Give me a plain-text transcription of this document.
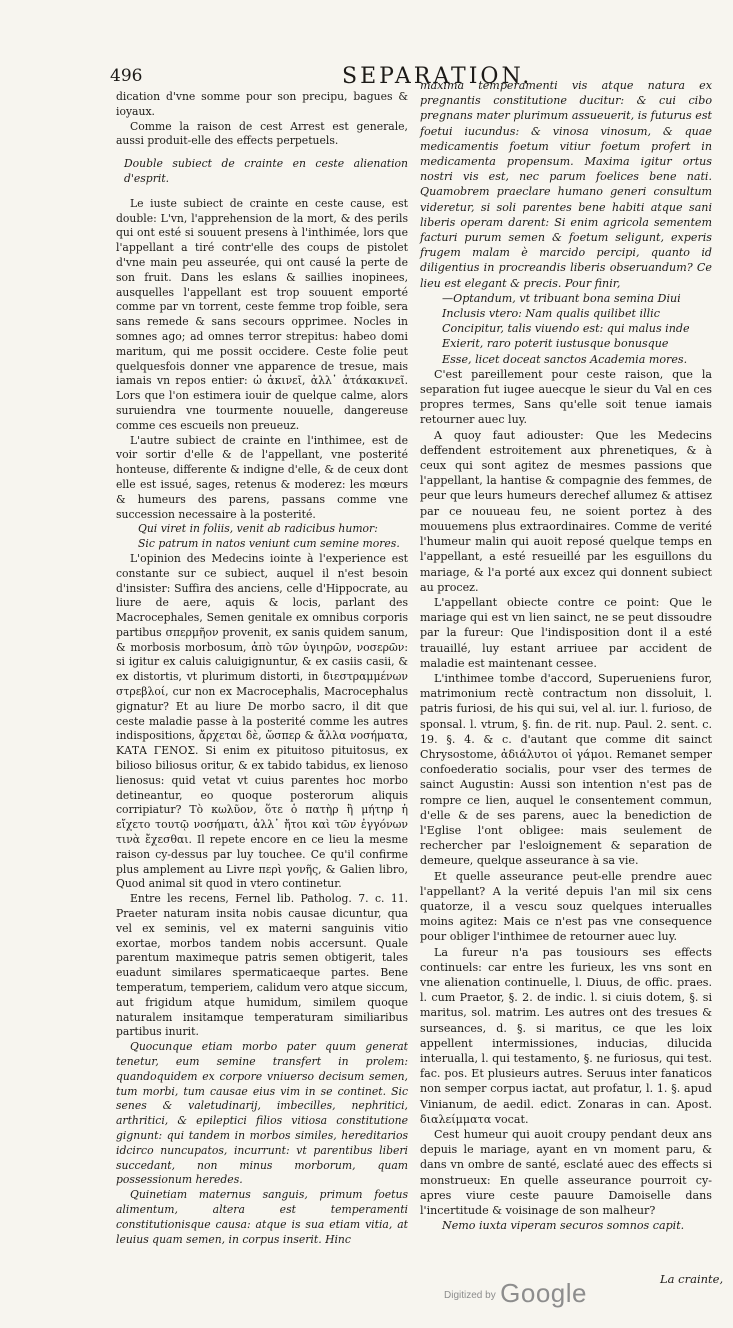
496	SEPARATION.

dication d'vne somme pour son precipu, bagues & ioyaux.

Comme la raison de cest Arrest est generale, aussi produit-elle des effects perpetuels.

Double subiect de crainte en ceste alienation d'esprit.

Le iuste subiect de crainte en ceste cause, est double: L'vn, l'apprehension de la mort, & des perils qui ont esté si souuent presens à l'inthimée, lors que l'appellant a tiré contr'elle des coups de pistolet d'vne main peu asseurée, qui ont causé la perte de son fruit. Dans les eslans & saillies inopinees, ausquelles l'appellant est trop souuent emporté comme par vn torrent, ceste femme trop foible, sera sans remede & sans secours opprimee. Nocles in somnes ago; ad omnes terror strepitus: habeo domi maritum, qui me possit occidere. Ceste folie peut quelquesfois donner vne apparence de tresue, mais iamais vn repos entier: ὡ ἀκινεῖ, ἀλλ᾽ ἀτάκακινεῖ. Lors que l'on estimera iouir de quelque calme, alors suruiendra vne tourmente nouuelle, dangereuse comme ces escueils non preueuz.

L'autre subiect de crainte en l'inthimee, est de voir sortir d'elle & de l'appellant, vne posterité honteuse, differente & indigne d'elle, & de ceux dont elle est issué, sages, retenus & moderez: les mœurs & humeurs des parens, passans comme vne succession necessaire à la posterité.

Qui viret in foliis, venit ab radicibus humor:

Sic patrum in natos veniunt cum semine mores.

L'opinion des Medecins iointe à l'experience est constante sur ce subiect, auquel il n'est besoin d'insister: Suffira des anciens, celle d'Hippocrate, au liure de aere, aquis & locis, parlant des Macrocephales, Semen genitale ex omnibus corporis partibus σπερμῆον provenit, ex sanis quidem sanum, & morbosis morbosum, ἀπὸ τῶν ὑγιηρῶν, νοσερῶν: si igitur ex caluis caluigignuntur, & ex casiis casii, & ex distortis, vt plurimum distorti, in διεστραμμένων στρεβλοί, cur non ex Macrocephalis, Macrocephalus gignatur? Et au liure De morbo sacro, il dit que ceste maladie passe à la posterité comme les autres indispositions, ἄρχεται δὲ, ὥσπερ & ἄλλα νοσήματα, ΚΑΤΑ ΓΕΝΟΣ. Si enim ex pituitoso pituitosus, ex bilioso biliosus oritur, & ex tabido tabidus, ex lienoso lienosus: quid vetat vt cuius parentes hoc morbo detineantur, eo quoque posterorum aliquis corripiatur? Τὸ κωλῦον, ὅτε ὁ πατὴρ ἢ μήτηρ ἡ εἴχετο τουτῷ νοσήματι, ἀλλ᾽ ἤτοι καὶ τῶν ἐγγόνων τινὰ ἔχεσθαι. Il repete encore en ce lieu la mesme raison cy-dessus par luy touchee. Ce qu'il confirme plus amplement au Livre περὶ γονῆς, & Galien libro, Quod animal sit quod in vtero continetur.

Entre les recens, Fernel lib. Patholog. 7. c. 11. Praeter naturam insita nobis causae dicuntur, qua vel ex seminis, vel ex materni sanguinis vitio exortae, morbos tandem nobis accersunt. Quale parentum maximeque patris semen obtigerit, tales euadunt similares spermaticaeque partes. Bene temperatum, temperiem, calidum vero atque siccum, aut frigidum atque humidum, similem quoque naturalem insitamque temperaturam similiaribus partibus inurit.

Quocunque etiam morbo pater quum generat tenetur, eum semine transfert in prolem: quandoquidem ex corpore vniuerso decisum semen, tum morbi, tum causae eius vim in se continet. Sic senes & valetudinarij, imbecilles, nephritici, arthritici, & epileptici filios vitiosa constitutione gignunt: qui tandem in morbos similes, hereditarios idcirco nuncupatos, incurrunt: vt parentibus liberi succedant, non minus morborum, quam possessionum heredes.

Quinetiam maternus sanguis, primum foetus alimentum, altera est temperamenti constitutionisque causa: atque is sua etiam vitia, at leuius quam semen, in corpus inserit. Hinc

maxima temperamenti vis atque natura ex pregnantis constitutione ducitur: & cui cibo pregnans mater plurimum assueuerit, is futurus est foetui iucundus: & vinosa vinosum, & quae medicamentis foetum vitiur foetum profert in medicamenta propensum. Maxima igitur ortus nostri vis est, nec parum foelices bene nati. Quamobrem praeclare humano generi consultum videretur, si soli parentes bene habiti atque sani liberis operam darent: Si enim agricola sementem facturi purum semen & foetum seligunt, experis frugem malam è marcido percipi, quanto id diligentius in procreandis liberis obseruandum? Ce lieu est elegant & precis. Pour finir,

—Optandum, vt tribuant bona semina Diui

Inclusis vtero: Nam qualis quilibet illic

Concipitur, talis viuendo est: qui malus inde

Exierit, raro poterit iustusque bonusque

Esse, licet doceat sanctos Academia mores.

C'est pareillement pour ceste raison, que la separation fut iugee auecque le sieur du Val en ces propres termes, Sans qu'elle soit tenue iamais retourner auec luy.

A quoy faut adiouster: Que les Medecins deffendent estroitement aux phrenetiques, & à ceux qui sont agitez de mesmes passions que l'appellant, la hantise & compagnie des femmes, de peur que leurs humeurs derechef allumez & attisez par ce nouueau feu, ne soient portez à des mouuemens plus extraordinaires. Comme de verité l'humeur malin qui auoit reposé quelque temps en l'appellant, a esté resueillé par les esguillons du mariage, & l'a porté aux excez qui donnent subiect au procez.

L'appellant obiecte contre ce point: Que le mariage qui est vn lien sainct, ne se peut dissoudre par la fureur: Que l'indisposition dont il a esté trauaillé, luy estant arriuee par accident de maladie est maintenant cessee.

L'inthimee tombe d'accord, Superueniens furor, matrimonium rectè contractum non dissoluit, l. patris furiosi, de his qui sui, vel al. iur. l. furioso, de sponsal. l. vtrum, §. fin. de rit. nup. Paul. 2. sent. c. 19. §. 4. & c. d'autant que comme dit sainct Chrysostome, ἀδιάλυτοι οἱ γάμοι. Remanet semper confoederatio socialis, pour vser des termes de sainct Augustin: Aussi son intention n'est pas de rompre ce lien, auquel le consentement commun, d'elle & de ses parens, auec la benediction de l'Eglise l'ont obligee: mais seulement de rechercher par l'esloignement & separation de demeure, quelque asseurance à sa vie.

Et quelle asseurance peut-elle prendre auec l'appellant? A la verité depuis l'an mil six cens quatorze, il a vescu souz quelques interualles moins agitez: Mais ce n'est pas vne consequence pour obliger l'inthimee de retourner auec luy.

La fureur n'a pas tousiours ses effects continuels: car entre les furieux, les vns sont en vne alienation continuelle, l. Diuus, de offic. praes. l. cum Praetor, §. 2. de indic. l. si ciuis dotem, §. si maritus, sol. matrim. Les autres ont des tresues & surseances, d. §. si maritus, ce que les loix appellent intermissiones, inducias, dilucida interualla, l. qui testamento, §. ne furiosus, qui test. fac. pos. Et plusieurs autres. Seruus inter fanaticos non semper corpus iactat, aut profatur, l. 1. §. apud Vinianum, de aedil. edict. Zonaras in can. Apost. διαλείμματα vocat.

Cest humeur qui auoit croupy pendant deux ans depuis le mariage, ayant en vn moment paru, & dans vn ombre de santé, esclaté auec des effects si monstrueux: En quelle asseurance pourroit cy-apres viure ceste pauure Damoiselle dans l'incertitude & voisinage de son malheur?

Nemo iuxta viperam securos somnos capit.

La crainte,
$^{Digitized by}$ Google
